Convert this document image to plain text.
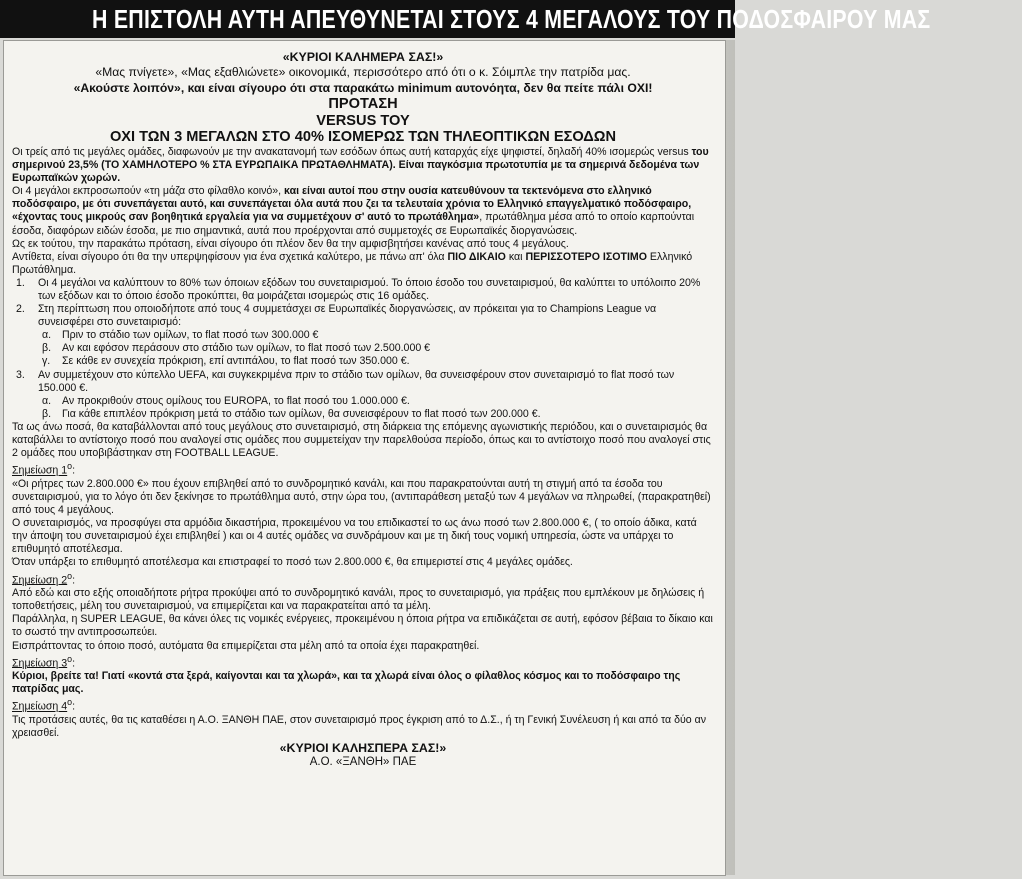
Η ΕΠΙΣΤΟΛΗ ΑΥΤΗ ΑΠΕΥΘΥΝΕΤΑΙ ΣΤΟΥΣ 4 ΜΕΓΑΛΟΥΣ ΤΟΥ ΠΟΔΟΣΦΑΙΡΟΥ ΜΑΣ

«ΚΥΡΙΟΙ ΚΑΛΗΜΕΡΑ ΣΑΣ!»

«Μας πνίγετε», «Μας εξαθλιώνετε» οικονομικά, περισσότερο από ότι ο κ. Σόιμπλε την πατρίδα μας.

«Ακούστε λοιπόν», και είναι σίγουρο ότι στα παρακάτω minimum αυτονόητα, δεν θα πείτε πάλι ΟΧΙ!

ΠΡΟΤΑΣΗ

VERSUS ΤΟΥ

ΟΧΙ ΤΩΝ 3 ΜΕΓΑΛΩΝ ΣΤΟ 40% ΙΣΟΜΕΡΩΣ ΤΩΝ ΤΗΛΕΟΠΤΙΚΩΝ ΕΣΟΔΩΝ

Οι τρείς από τις μεγάλες ομάδες, διαφωνούν με την ανακατανομή των εσόδων όπως αυτή καταρχάς είχε ψηφιστεί, δηλαδή 40% ισομερώς versus του σημερινού 23,5% (ΤΟ ΧΑΜΗΛΟΤΕΡΟ % ΣΤΑ ΕΥΡΩΠΑΙΚΑ ΠΡΩΤΑΘΛΗΜΑΤΑ). Είναι παγκόσμια πρωτοτυπία με τα σημερινά δεδομένα των Ευρωπαϊκών χωρών.

Οι 4 μεγάλοι εκπροσωπούν «τη μάζα στο φίλαθλο κοινό», και είναι αυτοί που στην ουσία κατευθύνουν τα τεκτενόμενα στο ελληνικό ποδόσφαιρο, με ότι συνεπάγεται αυτό, και συνεπάγεται όλα αυτά που ζει τα τελευταία χρόνια το Ελληνικό επαγγελματικό ποδόσφαιρο, «έχοντας τους μικρούς σαν βοηθητικά εργαλεία για να συμμετέχουν σ' αυτό το πρωτάθλημα», πρωτάθλημα μέσα από το οποίο καρπούνται έσοδα, διαφόρων ειδών έσοδα, με πιο σημαντικά, αυτά που προέρχονται από συμμετοχές σε Ευρωπαϊκές διοργανώσεις.

Ως εκ τούτου, την παρακάτω πρόταση, είναι σίγουρο ότι πλέον δεν θα την αμφισβητήσει κανένας από τους 4 μεγάλους.

Αντίθετα, είναι σίγουρο ότι θα την υπερψηφίσουν για ένα σχετικά καλύτερο, με πάνω απ' όλα ΠΙΟ ΔΙΚΑΙΟ και ΠΕΡΙΣΣΟΤΕΡΟ ΙΣΟΤΙΜΟ Ελληνικό Πρωτάθλημα.

1.	Οι 4 μεγάλοι να καλύπτουν το 80% των όποιων εξόδων του συνεταιρισμού. Το όποιο έσοδο του συνεταιρισμού, θα καλύπτει το υπόλοιπο 20% των εξόδων και το όποιο έσοδο προκύπτει, θα μοιράζεται ισομερώς στις 16 ομάδες.
2.	Στη περίπτωση που οποιοδήποτε από τους 4 συμμετάσχει σε Ευρωπαϊκές διοργανώσεις, αν πρόκειται για το Champions League να συνεισφέρει στο συνεταιρισμό:
α.	Πριν το στάδιο των ομίλων, το flat ποσό των 300.000 €
β.	Αν και εφόσον περάσουν στο στάδιο των ομίλων, το flat ποσό των 2.500.000 €
γ.	Σε κάθε εν συνεχεία πρόκριση, επί αντιπάλου, το flat ποσό των 350.000 €.
3.	Αν συμμετέχουν στο κύπελλο UEFA, και συγκεκριμένα πριν το στάδιο των ομίλων, θα συνεισφέρουν στον συνεταιρισμό το flat ποσό των 150.000 €.
α.	Αν προκριθούν στους ομίλους του EUROPA, το flat ποσό του 1.000.000 €.
β.	Για κάθε επιπλέον πρόκριση μετά το στάδιο των ομίλων, θα συνεισφέρουν το flat ποσό των 200.000 €.

Τα ως άνω ποσά, θα καταβάλλονται από τους μεγάλους στο συνεταιρισμό, στη διάρκεια της επόμενης αγωνιστικής περιόδου, και ο συνεταιρισμός θα καταβάλλει το αντίστοιχο ποσό που αναλογεί στις ομάδες που συμμετείχαν την παρελθούσα περίοδο, όπως και το αντίστοιχο ποσό που αναλογεί στις 2 ομάδες που υποβιβάστηκαν στη FOOTBALL LEAGUE.

Σημείωση $1^o$:

«Οι ρήτρες των 2.800.000 €» που έχουν επιβληθεί από το συνδρομητικό κανάλι, και που παρακρατούνται αυτή τη στιγμή από τα έσοδα του συνεταιρισμού, για το λόγο ότι δεν ξεκίνησε το πρωτάθλημα αυτό, στην ώρα του, (αντιπαράθεση μεταξύ των 4 μεγάλων να πληρωθεί, (παρακρατηθεί) από τους 4 μεγάλους.

Ο συνεταιρισμός, να προσφύγει στα αρμόδια δικαστήρια, προκειμένου να του επιδικαστεί το ως άνω ποσό των 2.800.000 €, ( το οποίο άδικα, κατά την άποψη του συνεταιρισμού έχει επιβληθεί ) και οι 4 αυτές ομάδες να συνδράμουν και με τη δική τους νομική υπηρεσία, ώστε να υπάρχει το επιθυμητό αποτέλεσμα.

Όταν υπάρξει το επιθυμητό αποτέλεσμα και επιστραφεί το ποσό των 2.800.000 €, θα επιμεριστεί στις 4 μεγάλες ομάδες.

Σημείωση $2^o$:

Από εδώ και στο εξής οποιαδήποτε ρήτρα προκύψει από το συνδρομητικό κανάλι, προς το συνεταιρισμό, για πράξεις που εμπλέκουν με δηλώσεις ή τοποθετήσεις, μέλη του συνεταιρισμού, να επιμερίζεται και να παρακρατείται από τα μέλη.

Παράλληλα, η SUPER LEAGUE, θα κάνει όλες τις νομικές ενέργειες, προκειμένου η όποια ρήτρα να επιδικάζεται σε αυτή, εφόσον βέβαια το δίκαιο και το σωστό την αντιπροσωπεύει.

Εισπράττοντας το όποιο ποσό, αυτόματα θα επιμερίζεται στα μέλη από τα οποία έχει παρακρατηθεί.

Σημείωση $3^o$:

Κύριοι, βρείτε τα! Γιατί «κοντά στα ξερά, καίγονται και τα χλωρά», και τα χλωρά είναι όλος ο φίλαθλος κόσμος και το ποδόσφαιρο της πατρίδας μας.

Σημείωση $4^o$:

Τις προτάσεις αυτές, θα τις καταθέσει η Α.Ο. ΞΑΝΘΗ ΠΑΕ, στον συνεταιρισμό προς έγκριση από το Δ.Σ., ή τη Γενική Συνέλευση ή και από τα δύο αν χρειασθεί.

«ΚΥΡΙΟΙ ΚΑΛΗΣΠΕΡΑ ΣΑΣ!»

Α.Ο. «ΞΑΝΘΗ» ΠΑΕ
